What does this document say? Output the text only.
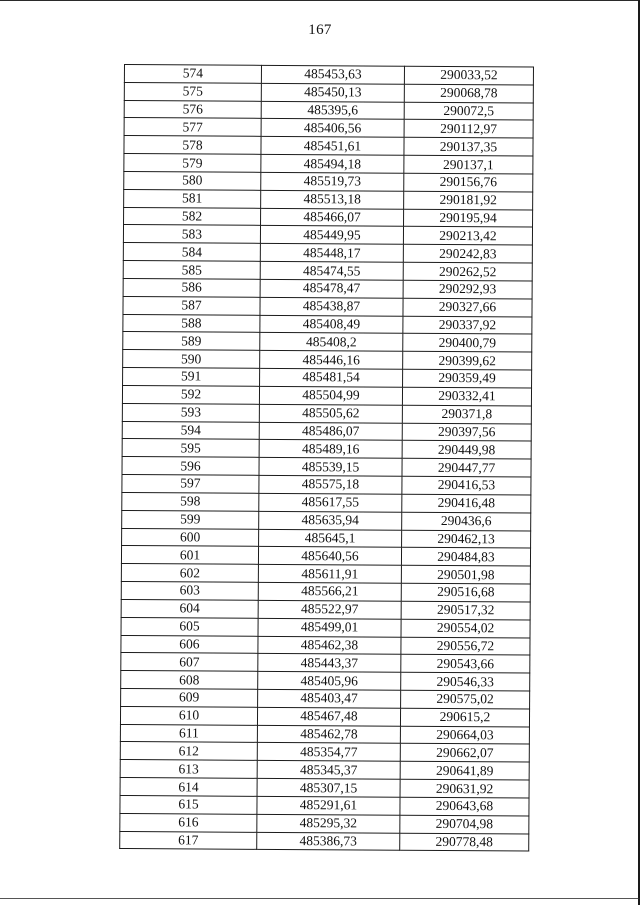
167
574	485453,63	290033,52
575	485450,13	290068,78
576	485395,6	290072,5
577	485406,56	290112,97
578	485451,61	290137,35
579	485494,18	290137,1
580	485519,73	290156,76
581	485513,18	290181,92
582	485466,07	290195,94
583	485449,95	290213,42
584	485448,17	290242,83
585	485474,55	290262,52
586	485478,47	290292,93
587	485438,87	290327,66
588	485408,49	290337,92
589	485408,2	290400,79
590	485446,16	290399,62
591	485481,54	290359,49
592	485504,99	290332,41
593	485505,62	290371,8
594	485486,07	290397,56
595	485489,16	290449,98
596	485539,15	290447,77
597	485575,18	290416,53
598	485617,55	290416,48
599	485635,94	290436,6
600	485645,1	290462,13
601	485640,56	290484,83
602	485611,91	290501,98
603	485566,21	290516,68
604	485522,97	290517,32
605	485499,01	290554,02
606	485462,38	290556,72
607	485443,37	290543,66
608	485405,96	290546,33
609	485403,47	290575,02
610	485467,48	290615,2
611	485462,78	290664,03
612	485354,77	290662,07
613	485345,37	290641,89
614	485307,15	290631,92
615	485291,61	290643,68
616	485295,32	290704,98
617	485386,73	290778,48
